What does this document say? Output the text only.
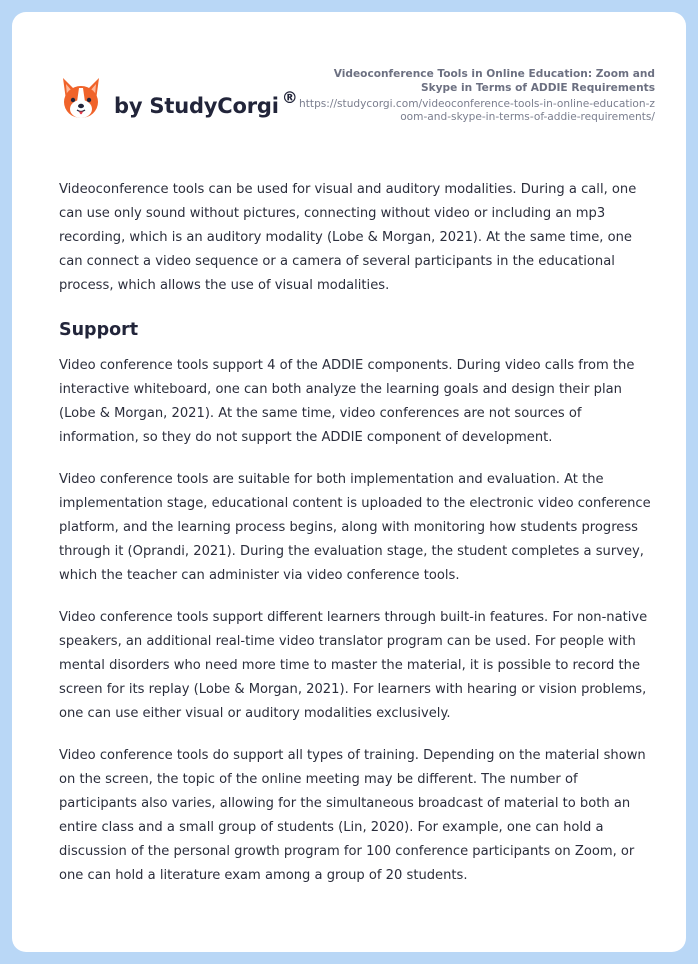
by StudyCorgi ®

Videoconference Tools in Online Education: Zoom and Skype in Terms of ADDIE Requirements

https://studycorgi.com/videoconference-tools-in-online-education-zoom-and-skype-in-terms-of-addie-requirements/

Videoconference tools can be used for visual and auditory modalities. During a call, one can use only sound without pictures, connecting without video or including an mp3 recording, which is an auditory modality (Lobe & Morgan, 2021). At the same time, one can connect a video sequence or a camera of several participants in the educational process, which allows the use of visual modalities.

Support

Video conference tools support 4 of the ADDIE components. During video calls from the interactive whiteboard, one can both analyze the learning goals and design their plan (Lobe & Morgan, 2021). At the same time, video conferences are not sources of information, so they do not support the ADDIE component of development.

Video conference tools are suitable for both implementation and evaluation. At the implementation stage, educational content is uploaded to the electronic video conference platform, and the learning process begins, along with monitoring how students progress through it (Oprandi, 2021). During the evaluation stage, the student completes a survey, which the teacher can administer via video conference tools.

Video conference tools support different learners through built-in features. For non-native speakers, an additional real-time video translator program can be used. For people with mental disorders who need more time to master the material, it is possible to record the screen for its replay (Lobe & Morgan, 2021). For learners with hearing or vision problems, one can use either visual or auditory modalities exclusively.

Video conference tools do support all types of training. Depending on the material shown on the screen, the topic of the online meeting may be different. The number of participants also varies, allowing for the simultaneous broadcast of material to both an entire class and a small group of students (Lin, 2020). For example, one can hold a discussion of the personal growth program for 100 conference participants on Zoom, or one can hold a literature exam among a group of 20 students.
